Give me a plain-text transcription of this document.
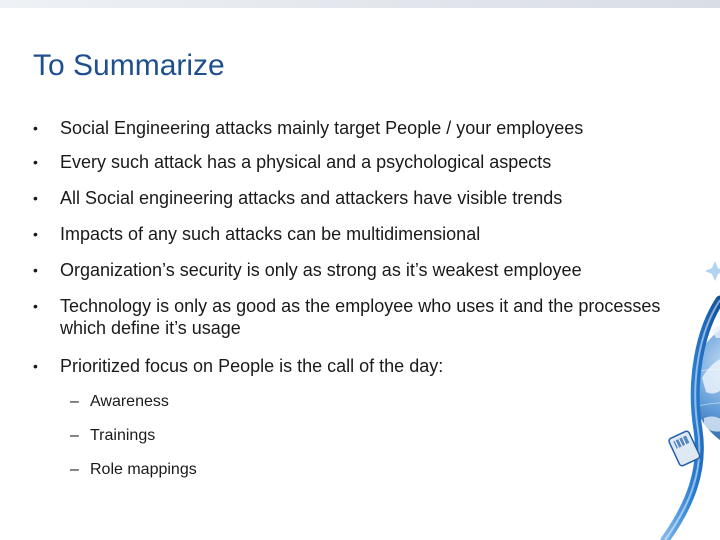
To Summarize
•	Social Engineering attacks mainly target People / your employees
•	Every such attack has a physical and a psychological aspects
•	All Social engineering attacks and attackers have visible trends
•	Impacts of any such attacks can be multidimensional
•	Organization’s security is only as strong as it’s weakest employee
•	Technology is only as good as the employee who uses it and the processes which define it’s usage
•	Prioritized focus on People is the call of the day:
– Awareness
– Trainings
– Role mappings
